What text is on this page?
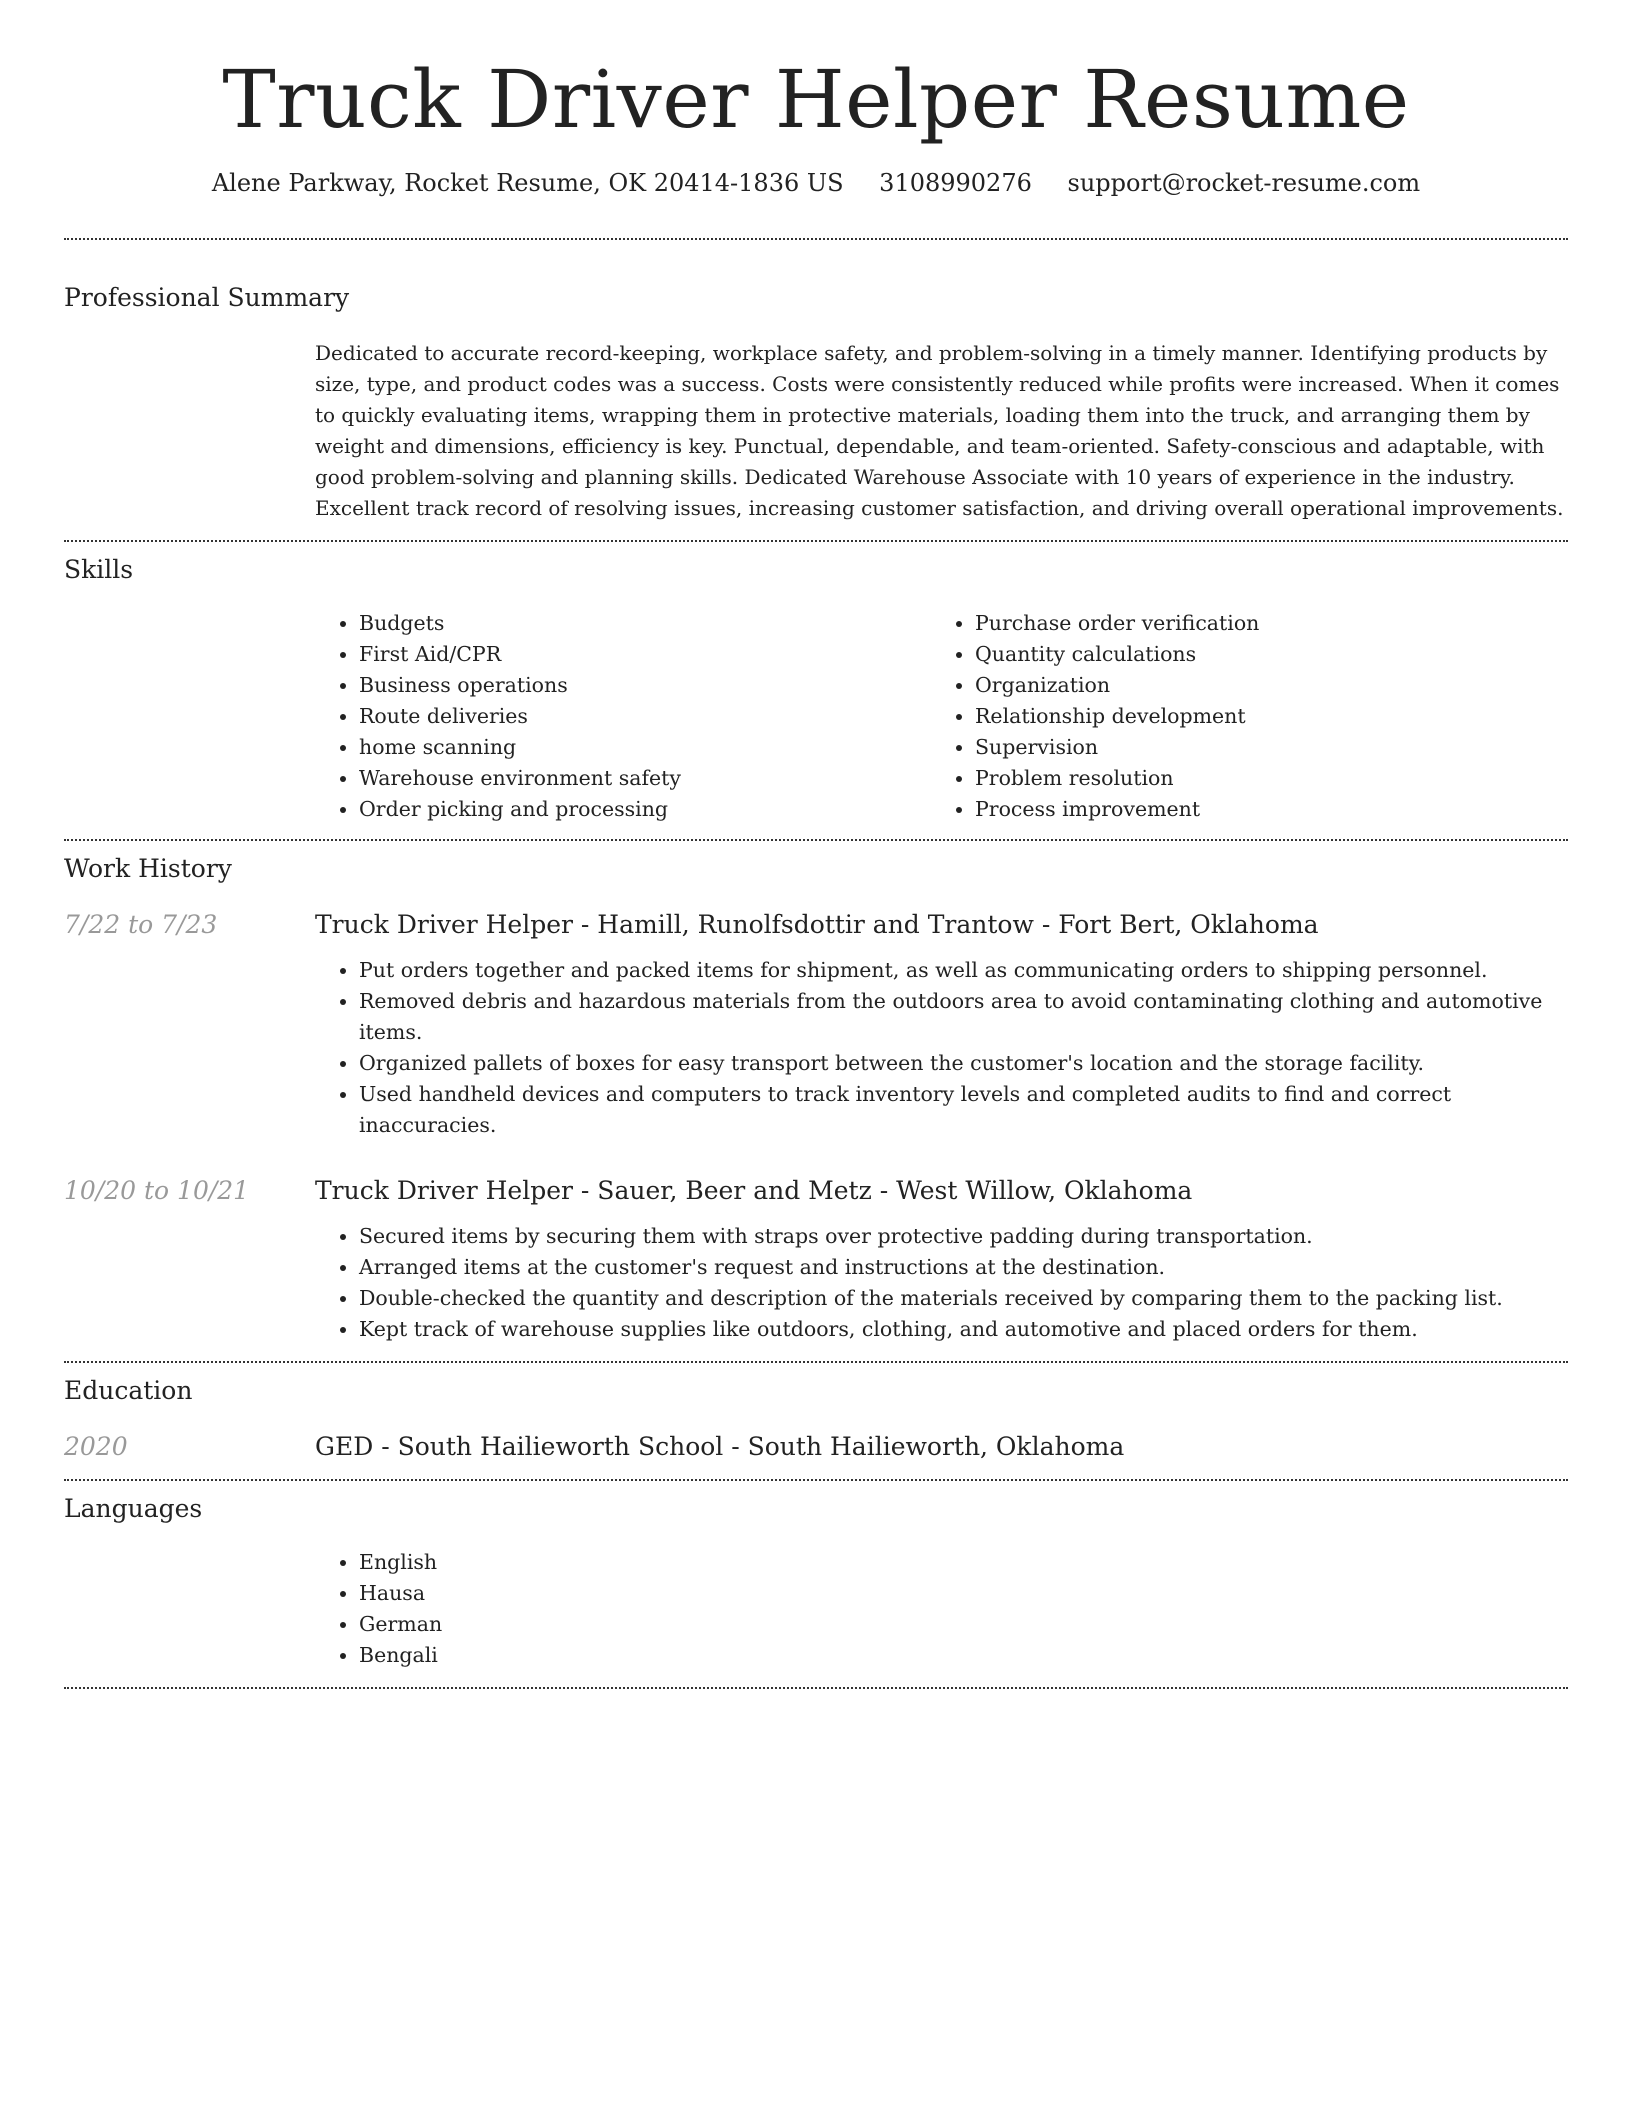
Truck Driver Helper Resume
Alene Parkway, Rocket Resume, OK 20414-1836 US 3108990276 support@rocket-resume.com
Professional Summary

Dedicated to accurate record-keeping, workplace safety, and problem-solving in a timely manner. Identifying products by size, type, and product codes was a success. Costs were consistently reduced while profits were increased. When it comes to quickly evaluating items, wrapping them in protective materials, loading them into the truck, and arranging them by weight and dimensions, efficiency is key. Punctual, dependable, and team-oriented. Safety-conscious and adaptable, with good problem-solving and planning skills. Dedicated Warehouse Associate with 10 years of experience in the industry. Excellent track record of resolving issues, increasing customer satisfaction, and driving overall operational improvements.

Skills
• Budgets
• First Aid/CPR
• Business operations
• Route deliveries
• home scanning
• Warehouse environment safety
• Order picking and processing
• Purchase order verification
• Quantity calculations
• Organization
• Relationship development
• Supervision
• Problem resolution
• Process improvement
Work History
7/22 to 7/23	Truck Driver Helper - Hamill, Runolfsdottir and Trantow - Fort Bert, Oklahoma
• Put orders together and packed items for shipment, as well as communicating orders to shipping personnel.
• Removed debris and hazardous materials from the outdoors area to avoid contaminating clothing and automotive items.
• Organized pallets of boxes for easy transport between the customer's location and the storage facility.
• Used handheld devices and computers to track inventory levels and completed audits to find and correct inaccuracies.
10/20 to 10/21	Truck Driver Helper - Sauer, Beer and Metz - West Willow, Oklahoma
• Secured items by securing them with straps over protective padding during transportation.
• Arranged items at the customer's request and instructions at the destination.
• Double-checked the quantity and description of the materials received by comparing them to the packing list.
• Kept track of warehouse supplies like outdoors, clothing, and automotive and placed orders for them.
Education
2020	GED - South Hailieworth School - South Hailieworth, Oklahoma
Languages
• English
• Hausa
• German
• Bengali
